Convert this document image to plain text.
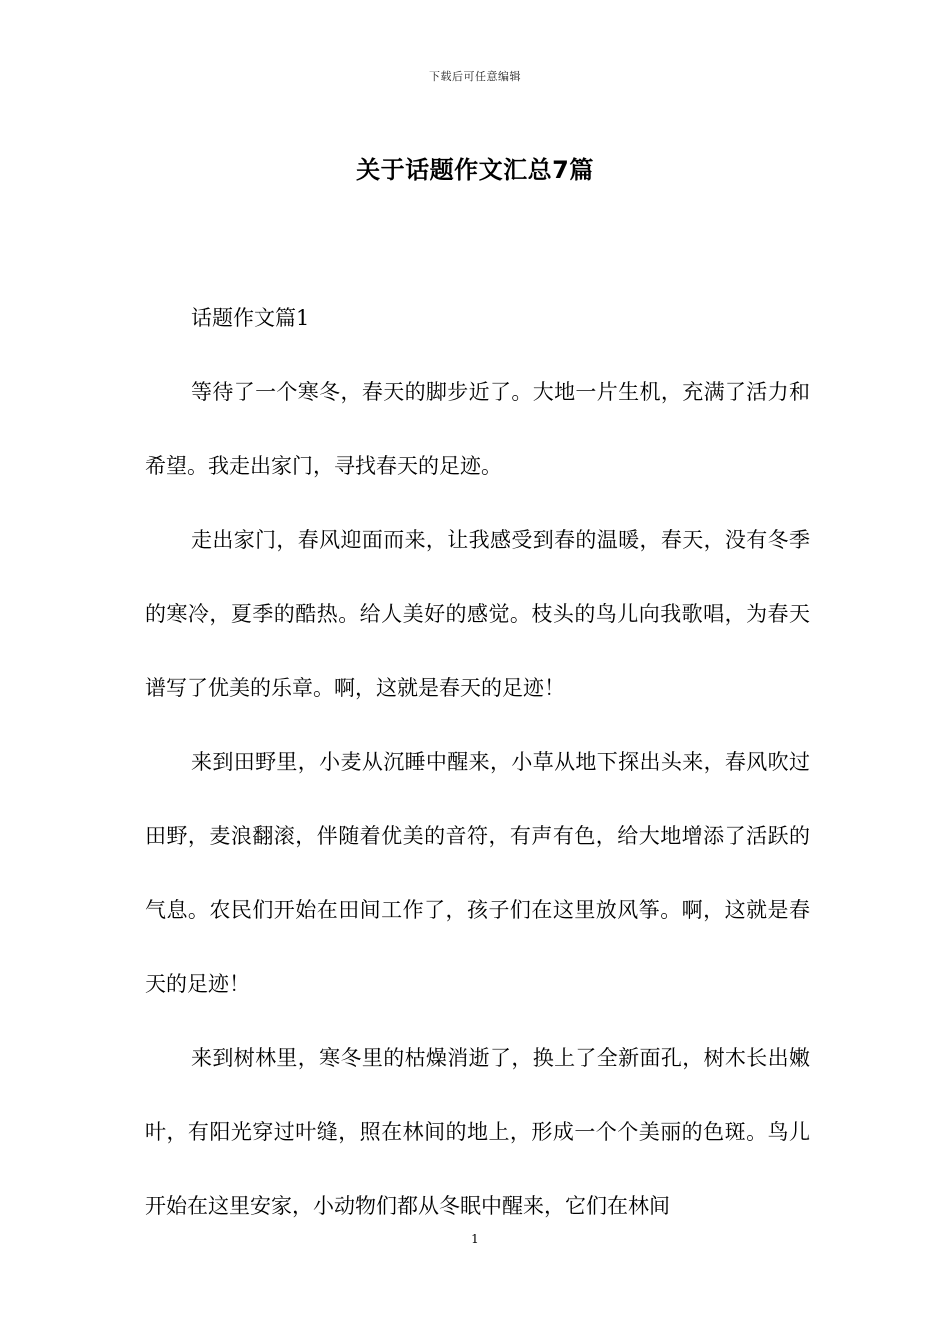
下载后可任意编辑
关于话题作文汇总7篇

话题作文篇1

等待了一个寒冬，春天的脚步近了。大地一片生机，充满了活力和希望。我走出家门，寻找春天的足迹。

走出家门，春风迎面而来，让我感受到春的温暖，春天，没有冬季的寒冷，夏季的酷热。给人美好的感觉。枝头的鸟儿向我歌唱，为春天谱写了优美的乐章。啊，这就是春天的足迹！

来到田野里，小麦从沉睡中醒来，小草从地下探出头来，春风吹过田野，麦浪翻滚，伴随着优美的音符，有声有色，给大地增添了活跃的气息。农民们开始在田间工作了，孩子们在这里放风筝。啊，这就是春天的足迹！

来到树林里，寒冬里的枯燥消逝了，换上了全新面孔，树木长出嫩叶，有阳光穿过叶缝，照在林间的地上，形成一个个美丽的色斑。鸟儿开始在这里安家，小动物们都从冬眠中醒来，它们在林间

1
